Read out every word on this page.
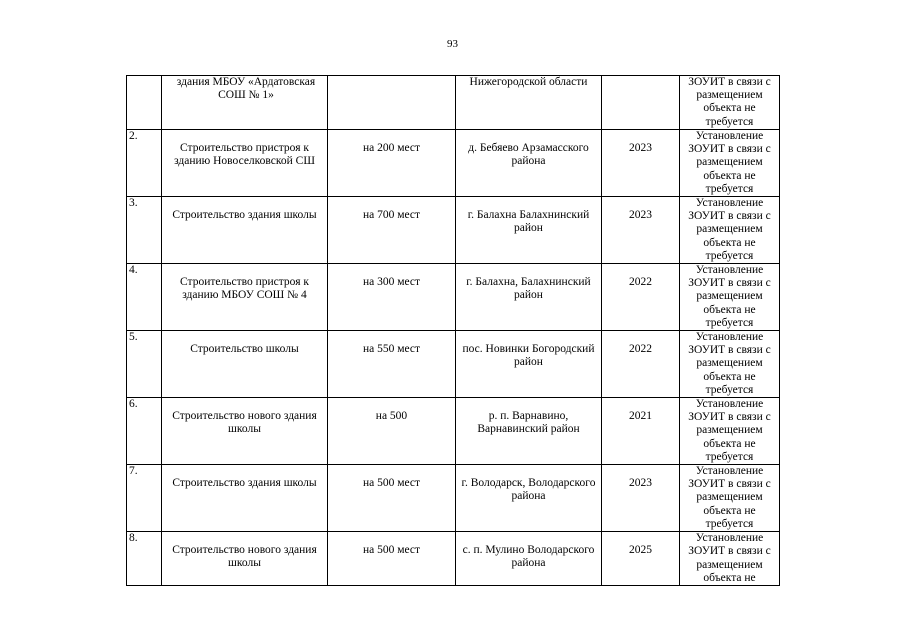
93
	здания МБОУ «Ардатовская СОШ № 1»		Нижегородской области		ЗОУИТ в связи с размещением объекта не требуется
2.	Строительство пристроя к зданию Новоселковской СШ	на 200 мест	д. Бебяево Арзамасского района	2023	Установление ЗОУИТ в связи с размещением объекта не требуется
3.	Строительство здания школы	на 700 мест	г. Балахна Балахнинский район	2023	Установление ЗОУИТ в связи с размещением объекта не требуется
4.	Строительство пристроя к зданию МБОУ СОШ № 4	на 300 мест	г. Балахна, Балахнинский район	2022	Установление ЗОУИТ в связи с размещением объекта не требуется
5.	Строительство школы	на 550 мест	пос. Новинки Богородский район	2022	Установление ЗОУИТ в связи с размещением объекта не требуется
6.	Строительство нового здания школы	на 500	р. п. Варнавино, Варнавинский район	2021	Установление ЗОУИТ в связи с размещением объекта не требуется
7.	Строительство здания школы	на 500 мест	г. Володарск, Володарского района	2023	Установление ЗОУИТ в связи с размещением объекта не требуется
8.	Строительство нового здания школы	на 500 мест	с. п. Мулино Володарского района	2025	Установление ЗОУИТ в связи с размещением объекта не
